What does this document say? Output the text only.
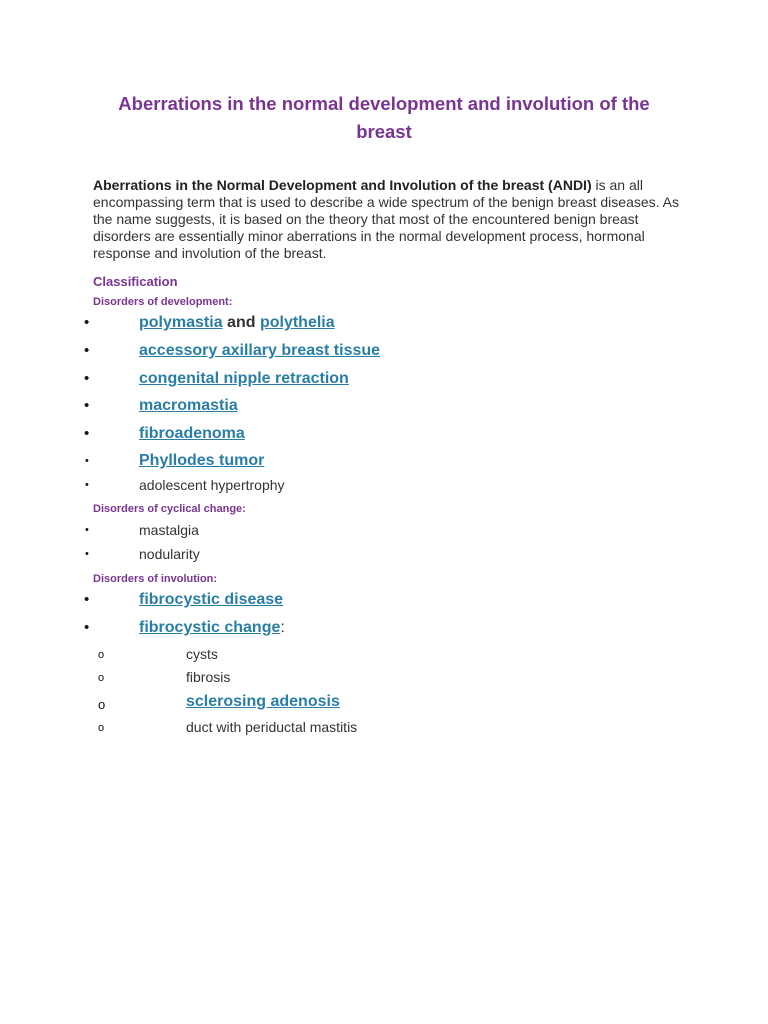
Aberrations in the normal development and involution of the breast
Aberrations in the Normal Development and Involution of the breast (ANDI) is an all encompassing term that is used to describe a wide spectrum of the benign breast diseases. As the name suggests, it is based on the theory that most of the encountered benign breast disorders are essentially minor aberrations in the normal development process, hormonal response and involution of the breast.
Classification
Disorders of development:
•	polymastia and polythelia
•	accessory axillary breast tissue
•	congenital nipple retraction
•	macromastia
•	fibroadenoma
•	Phyllodes tumor
•	adolescent hypertrophy
Disorders of cyclical change:
•	mastalgia
•	nodularity
Disorders of involution:
•	fibrocystic disease
•	fibrocystic change:
o	cysts
o	fibrosis
o	sclerosing adenosis
o	duct with periductal mastitis
